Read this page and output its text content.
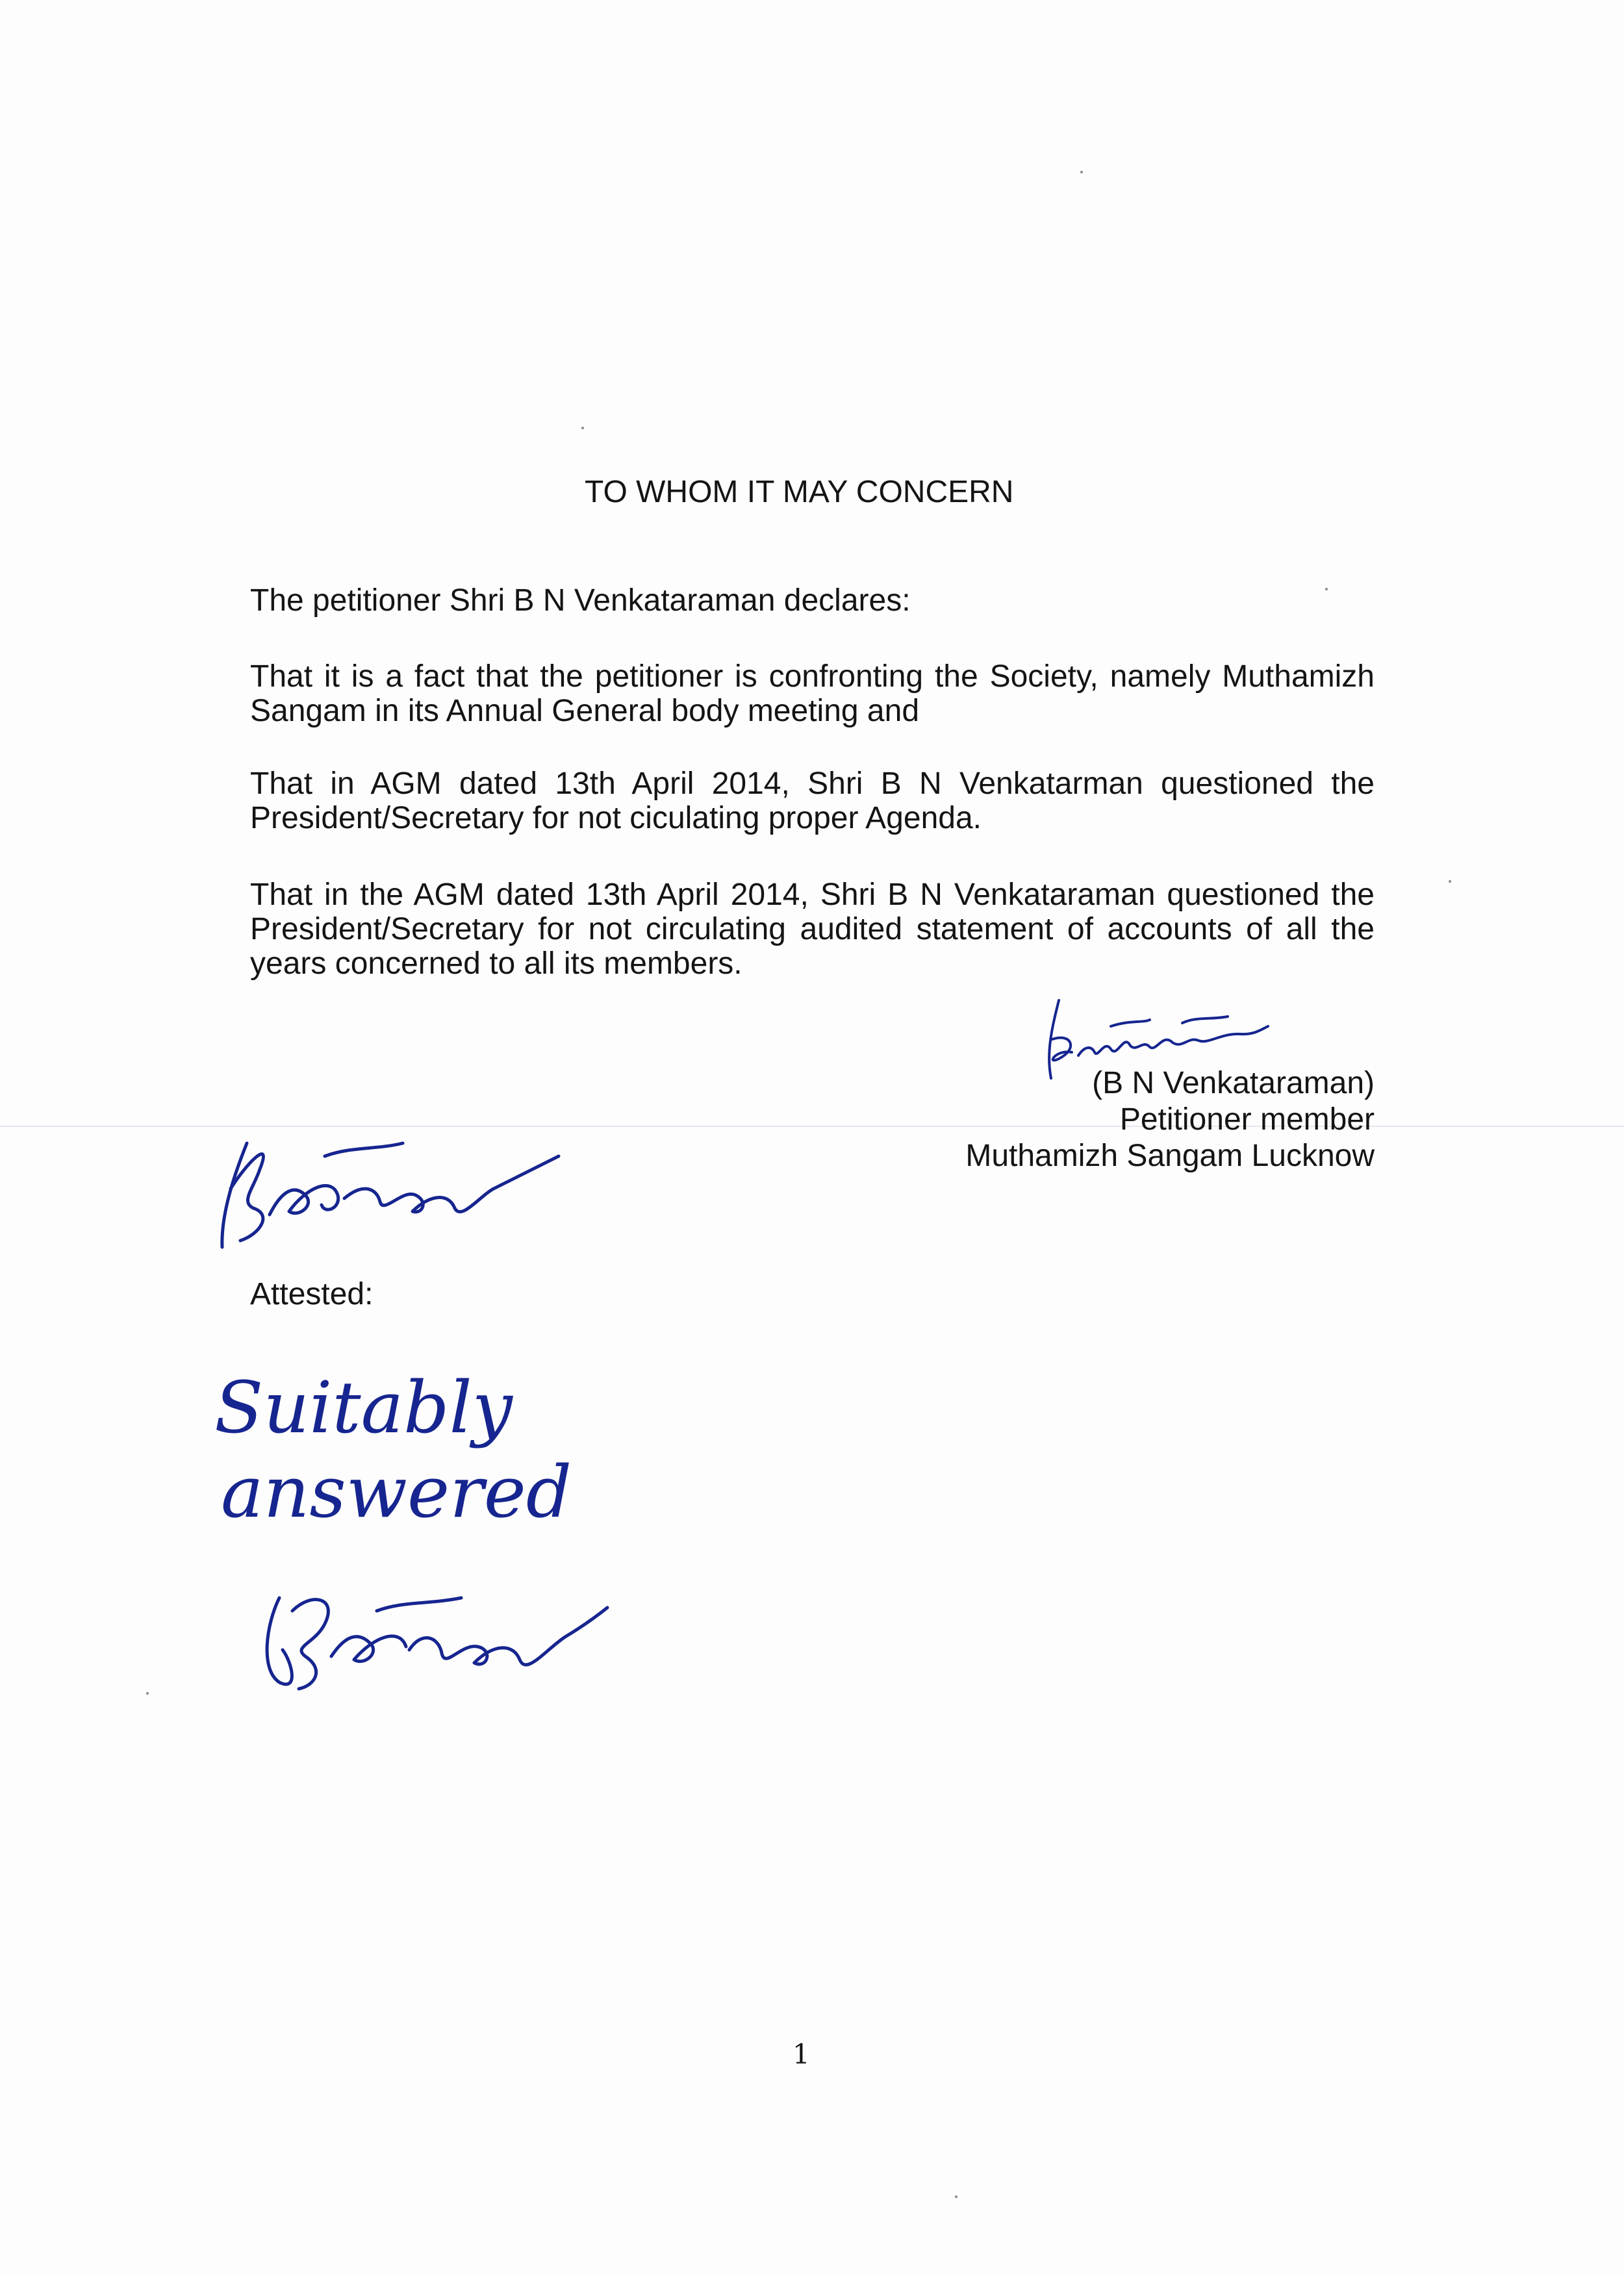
TO WHOM IT MAY CONCERN
The petitioner Shri B N Venkataraman declares:
That it is a fact that the petitioner is confronting the Society, namely Muthamizh Sangam in its Annual General body meeting and
That in AGM dated 13th April 2014, Shri B N Venkatarman questioned the President/Secretary for not ciculating proper Agenda.
That in the AGM dated 13th April 2014, Shri B N Venkataraman questioned the President/Secretary for not circulating audited statement of accounts of all the years concerned to all its members.
(B N Venkataraman)
Petitioner member
Muthamizh Sangam Lucknow
Attested:
Suitably answered
1
